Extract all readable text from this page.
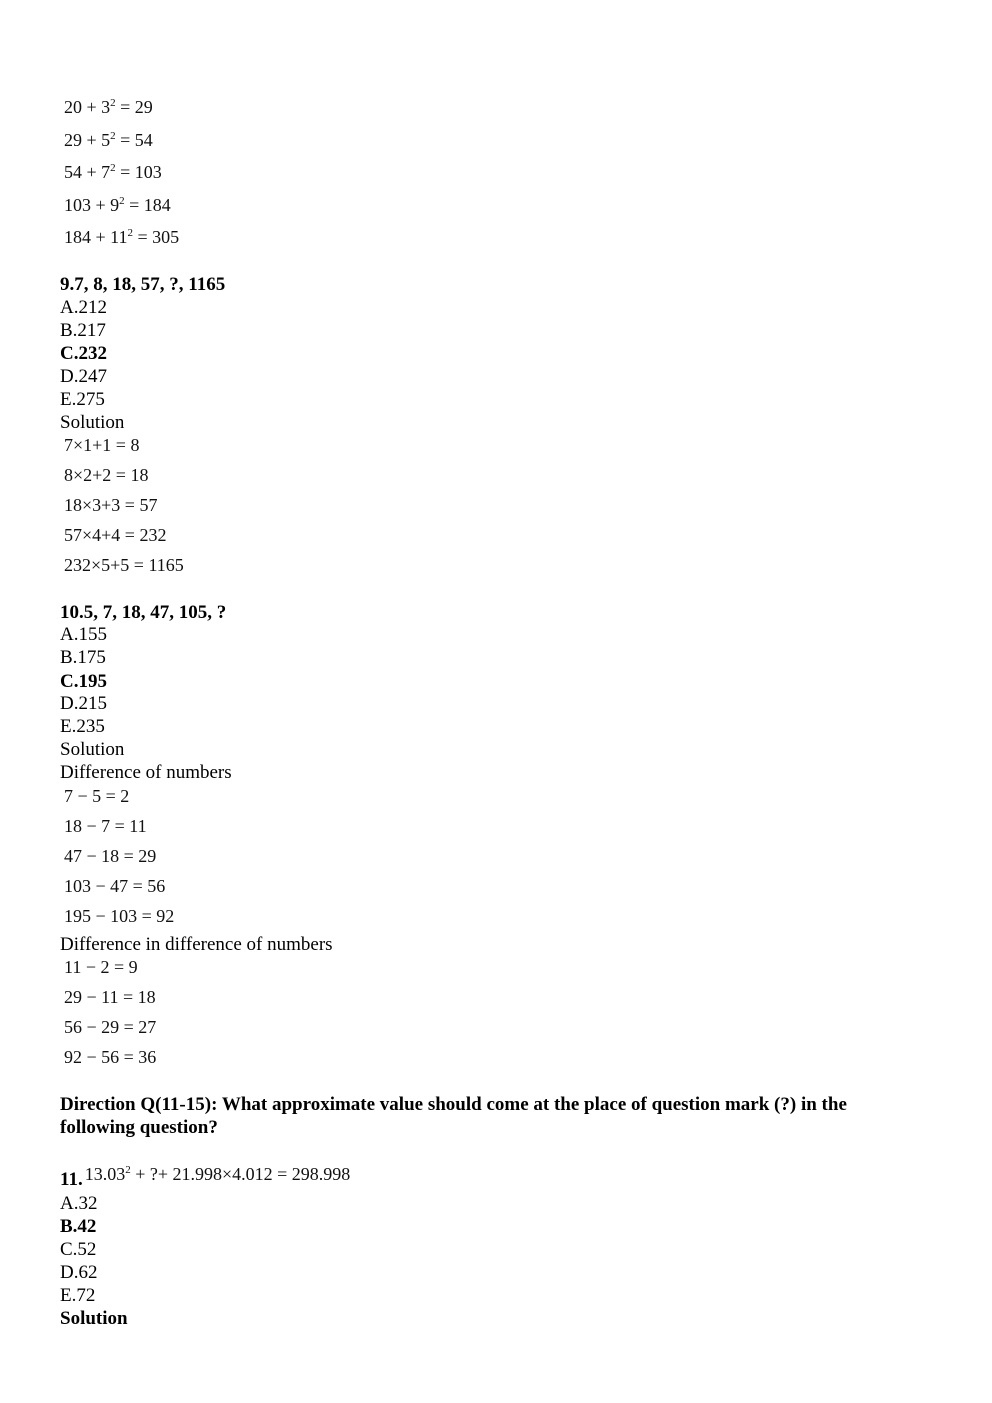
$20 + 3^2 = 29$
$29 + 5^2 = 54$
$54 + 7^2 = 103$
$103 + 9^2 = 184$
$184 + 11^2 = 305$
9.7, 8, 18, 57, ?, 1165
A.212
B.217
C.232
D.247
E.275
Solution
7×1+1 = 8
8×2+2 = 18
18×3+3 = 57
57×4+4 = 232
232×5+5 = 1165
10.5, 7, 18, 47, 105, ?
A.155
B.175
C.195
D.215
E.235
Solution
Difference of numbers
7 − 5 = 2
18 − 7 = 11
47 − 18 = 29
103 − 47 = 56
195 − 103 = 92
Difference in difference of numbers
11 − 2 = 9
29 − 11 = 18
56 − 29 = 27
92 − 56 = 36
Direction Q(11-15): What approximate value should come at the place of question mark (?) in the following question?
11. $13.03^2$ + ?+ 21.998×4.012 = 298.998
A.32
B.42
C.52
D.62
E.72
Solution
